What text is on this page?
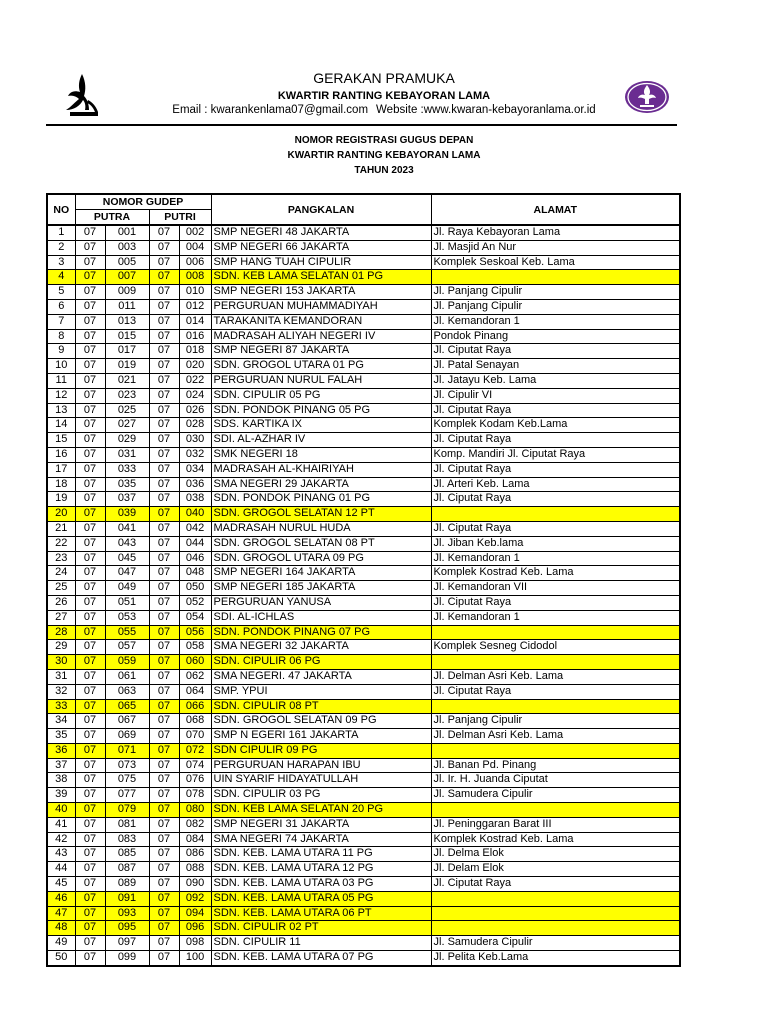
GERAKAN PRAMUKA
KWARTIR RANTING KEBAYORAN LAMA
Email : kwarankenlama07@gmail.com Website :www.kwaran-kebayoranlama.or.id
NOMOR REGISTRASI GUGUS DEPAN
KWARTIR RANTING KEBAYORAN LAMA
TAHUN 2023
NO	NOMOR GUDEP				PANGKALAN	ALAMAT
	PUTRA		PUTRI			
1	07	001	07	002	SMP NEGERI 48 JAKARTA	Jl. Raya Kebayoran Lama
2	07	003	07	004	SMP NEGERI 66 JAKARTA	Jl. Masjid An Nur
3	07	005	07	006	SMP HANG TUAH CIPULIR	Komplek Seskoal Keb. Lama
4	07	007	07	008	SDN. KEB LAMA SELATAN 01 PG	
5	07	009	07	010	SMP NEGERI 153 JAKARTA	Jl. Panjang Cipulir
6	07	011	07	012	PERGURUAN MUHAMMADIYAH	Jl. Panjang Cipulir
7	07	013	07	014	TARAKANITA KEMANDORAN	Jl. Kemandoran 1
8	07	015	07	016	MADRASAH ALIYAH NEGERI IV	Pondok Pinang
9	07	017	07	018	SMP NEGERI 87 JAKARTA	Jl. Ciputat Raya
10	07	019	07	020	SDN. GROGOL UTARA 01 PG	Jl. Patal Senayan
11	07	021	07	022	PERGURUAN NURUL FALAH	Jl. Jatayu Keb. Lama
12	07	023	07	024	SDN. CIPULIR 05 PG	Jl. Cipulir VI
13	07	025	07	026	SDN. PONDOK PINANG 05 PG	Jl. Ciputat Raya
14	07	027	07	028	SDS. KARTIKA IX	Komplek Kodam Keb.Lama
15	07	029	07	030	SDI. AL-AZHAR IV	Jl. Ciputat Raya
16	07	031	07	032	SMK NEGERI 18	Komp. Mandiri Jl. Ciputat Raya
17	07	033	07	034	MADRASAH AL-KHAIRIYAH	Jl. Ciputat Raya
18	07	035	07	036	SMA NEGERI 29 JAKARTA	Jl. Arteri Keb. Lama
19	07	037	07	038	SDN. PONDOK PINANG 01 PG	Jl. Ciputat Raya
20	07	039	07	040	SDN. GROGOL SELATAN 12 PT	
21	07	041	07	042	MADRASAH NURUL HUDA	Jl. Ciputat Raya
22	07	043	07	044	SDN. GROGOL SELATAN 08 PT	Jl. Jiban Keb.lama
23	07	045	07	046	SDN. GROGOL UTARA 09 PG	Jl. Kemandoran 1
24	07	047	07	048	SMP NEGERI 164 JAKARTA	Komplek Kostrad Keb. Lama
25	07	049	07	050	SMP NEGERI 185 JAKARTA	Jl. Kemandoran VII
26	07	051	07	052	PERGURUAN YANUSA	Jl. Ciputat Raya
27	07	053	07	054	SDI. AL-ICHLAS	Jl. Kemandoran 1
28	07	055	07	056	SDN. PONDOK PINANG 07 PG	
29	07	057	07	058	SMA NEGERI 32 JAKARTA	Komplek Sesneg Cidodol
30	07	059	07	060	SDN. CIPULIR 06 PG	
31	07	061	07	062	SMA NEGERI. 47 JAKARTA	Jl. Delman Asri Keb. Lama
32	07	063	07	064	SMP. YPUI	Jl. Ciputat Raya
33	07	065	07	066	SDN. CIPULIR 08 PT	
34	07	067	07	068	SDN. GROGOL SELATAN 09 PG	Jl. Panjang Cipulir
35	07	069	07	070	SMP N EGERI 161 JAKARTA	Jl. Delman Asri Keb. Lama
36	07	071	07	072	SDN CIPULIR 09 PG	
37	07	073	07	074	PERGURUAN HARAPAN IBU	Jl. Banan Pd. Pinang
38	07	075	07	076	UIN SYARIF HIDAYATULLAH	Jl. Ir. H. Juanda Ciputat
39	07	077	07	078	SDN. CIPULIR 03 PG	Jl. Samudera Cipulir
40	07	079	07	080	SDN. KEB LAMA SELATAN 20 PG	
41	07	081	07	082	SMP NEGERI 31 JAKARTA	Jl. Peninggaran Barat III
42	07	083	07	084	SMA NEGERI 74 JAKARTA	Komplek Kostrad Keb. Lama
43	07	085	07	086	SDN. KEB. LAMA UTARA 11 PG	Jl. Delma Elok
44	07	087	07	088	SDN. KEB. LAMA UTARA 12 PG	Jl. Delam Elok
45	07	089	07	090	SDN. KEB. LAMA UTARA 03 PG	Jl. Ciputat Raya
46	07	091	07	092	SDN. KEB. LAMA UTARA 05 PG	
47	07	093	07	094	SDN. KEB. LAMA UTARA 06 PT	
48	07	095	07	096	SDN. CIPULIR 02 PT	
49	07	097	07	098	SDN. CIPULIR 11	Jl. Samudera Cipulir
50	07	099	07	100	SDN. KEB. LAMA UTARA 07 PG	Jl. Pelita Keb.Lama
